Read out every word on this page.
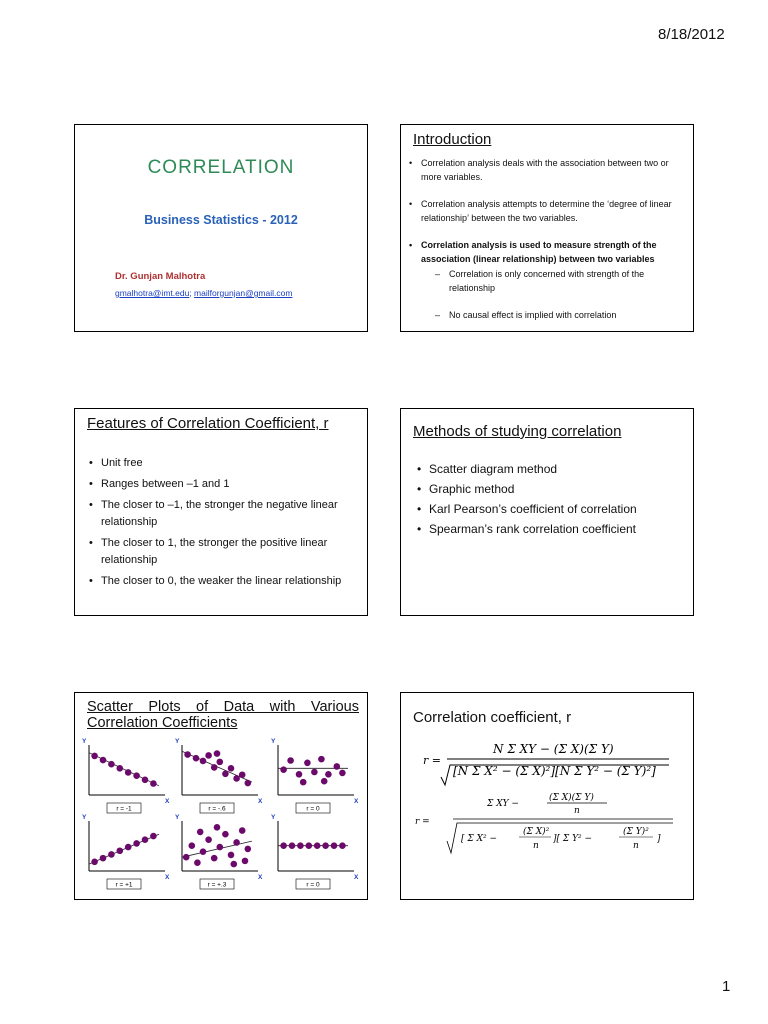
8/18/2012
CORRELATION
Business Statistics - 2012
Dr. Gunjan Malhotra
gmalhotra@imt.edu; mailforgunjan@gmail.com
Introduction
• Correlation analysis deals with the association between two or more variables.
• Correlation analysis attempts to determine the ‘degree of linear relationship’ between the two variables.
• Correlation analysis is used to measure strength of the association (linear relationship) between two variables
– Correlation is only concerned with strength of the relationship
– No causal effect is implied with correlation
Features of Correlation Coefficient, r
• Unit free
• Ranges between –1 and 1
• The closer to –1, the stronger the negative linear relationship
• The closer to 1, the stronger the positive linear relationship
• The closer to 0, the weaker the linear relationship
Methods of studying correlation
• Scatter diagram method
• Graphic method
• Karl Pearson’s coefficient of correlation
• Spearman’s rank correlation coefficient
Scatter Plots of Data with Various Correlation Coefficients
Y
X
r = -1
Y
X
r = -.6
Y
X
r = 0
Y
X
r = +1
Y
X
r = +.3
Y
X
r = 0
Correlation coefficient, r
r =
N Σ XY − (Σ X)(Σ Y)
[N Σ X² − (Σ X)²][N Σ Y² − (Σ Y)²]
r =
Σ XY −
(Σ X)(Σ Y)
n
[ Σ X² −
(Σ X)²
n
][ Σ Y² −
(Σ Y)²
n
]
1
